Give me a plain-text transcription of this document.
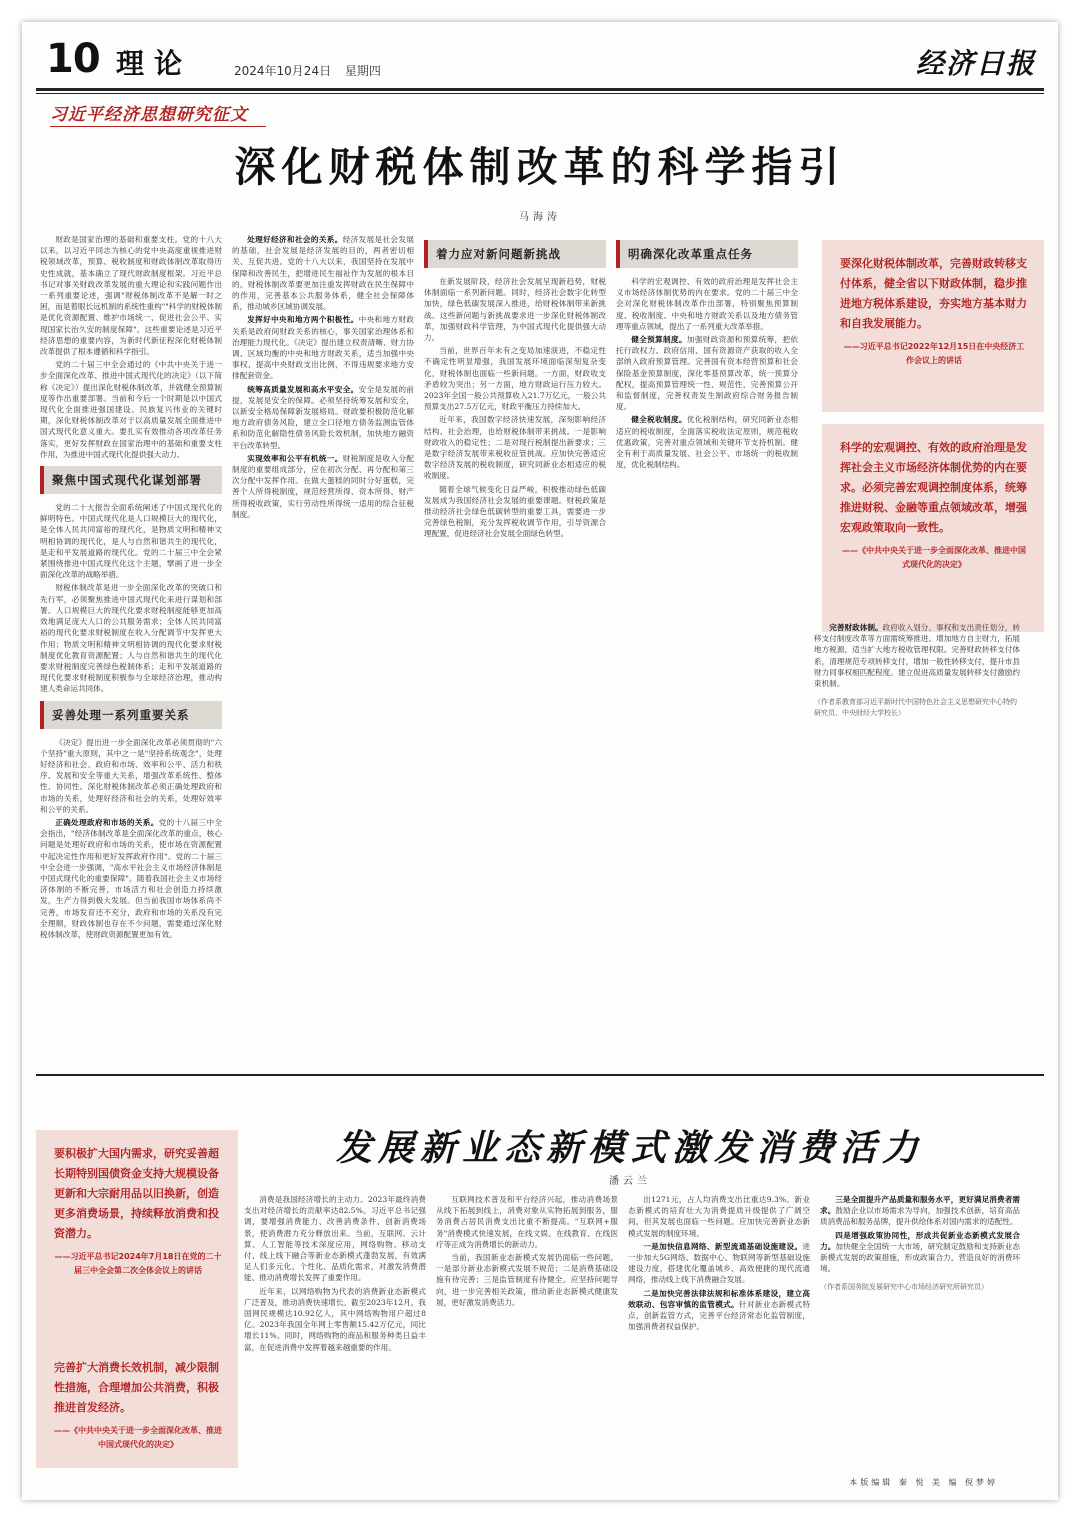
10 理论	2024年10月24日 星期四	经济日报
习近平经济思想研究征文
深化财税体制改革的科学指引
马海涛

财政是国家治理的基础和重要支柱。党的十八大以来，以习近平同志为核心的党中央高度重视推进财税领域改革，预算、税收制度和财政体制改革取得历史性成就，基本确立了现代财政制度框架。习近平总书记对事关财政改革发展的重大理论和实践问题作出一系列重要论述，强调"财税体制改革不是解一时之困，而是着眼长远机制的系统性重构""科学的财税体制是优化资源配置、维护市场统一、促进社会公平、实现国家长治久安的制度保障"。这些重要论述是习近平经济思想的重要内容，为新时代新征程深化财税体制改革提供了根本遵循和科学指引。

党的二十届三中全会通过的《中共中央关于进一步全面深化改革、推进中国式现代化的决定》（以下简称《决定》）提出深化财税体制改革，并就健全预算制度等作出重要部署。当前和今后一个时期是以中国式现代化全面推进强国建设、民族复兴伟业的关键时期，深化财税体制改革对于以高质量发展全面推进中国式现代化意义重大。要扎实有效推动各项改革任务落实，更好发挥财政在国家治理中的基础和重要支柱作用，为推进中国式现代化提供强大动力。

聚焦中国式现代化谋划部署

党的二十大报告全面系统阐述了中国式现代化的鲜明特色。中国式现代化是人口规模巨大的现代化，是全体人民共同富裕的现代化，是物质文明和精神文明相协调的现代化，是人与自然和谐共生的现代化，是走和平发展道路的现代化。党的二十届三中全会紧紧围绕推进中国式现代化这个主题，擘画了进一步全面深化改革的战略举措。

财税体制改革是进一步全面深化改革的突破口和先行军，必须聚焦推进中国式现代化来进行谋划和部署。人口规模巨大的现代化要求财税制度能够更加高效地满足庞大人口的公共服务需求；全体人民共同富裕的现代化要求财税制度在收入分配调节中发挥更大作用；物质文明和精神文明相协调的现代化要求财税制度优化教育资源配置；人与自然和谐共生的现代化要求财税制度完善绿色税制体系；走和平发展道路的现代化要求财税制度积极参与全球经济治理，推动构建人类命运共同体。

妥善处理一系列重要关系

《决定》提出进一步全面深化改革必须贯彻的"六个坚持"重大原则，其中之一是"坚持系统观念"，处理好经济和社会、政府和市场、效率和公平、活力和秩序、发展和安全等重大关系，增强改革系统性、整体性、协同性。深化财税体制改革必须正确处理政府和市场的关系，处理好经济和社会的关系，处理好效率和公平的关系。

正确处理政府和市场的关系。党的十八届三中全会指出，"经济体制改革是全面深化改革的重点，核心问题是处理好政府和市场的关系，使市场在资源配置中起决定性作用和更好发挥政府作用"。党的二十届三中全会进一步强调，"高水平社会主义市场经济体制是中国式现代化的重要保障"。随着我国社会主义市场经济体制的不断完善，市场活力和社会创造力持续激发，生产力得到极大发展。但当前我国市场体系尚不完善，市场发育还不充分，政府和市场的关系没有完全理顺，财政体制也存在不少问题，需要通过深化财税体制改革，使财政资源配置更加有效。

处理好经济和社会的关系。经济发展是社会发展的基础，社会发展是经济发展的目的，两者密切相关、互促共进。党的十八大以来，我国坚持在发展中保障和改善民生，把增进民生福祉作为发展的根本目的。财税体制改革要更加注重发挥财政在民生保障中的作用，完善基本公共服务体系，健全社会保障体系，推动城乡区域协调发展。

发挥好中央和地方两个积极性。中央和地方财政关系是政府间财政关系的核心，事关国家治理体系和治理能力现代化。《决定》提出建立权责清晰、财力协调、区域均衡的中央和地方财政关系，适当加强中央事权、提高中央财政支出比例，不得违规要求地方安排配套资金。

统筹高质量发展和高水平安全。安全是发展的前提，发展是安全的保障。必须坚持统筹发展和安全，以新安全格局保障新发展格局。财政要积极防范化解地方政府债务风险，建立全口径地方债务监测监管体系和防范化解隐性债务风险长效机制，加快地方融资平台改革转型。

实现效率和公平有机统一。财税制度是收入分配制度的重要组成部分，应在初次分配、再分配和第三次分配中发挥作用。在做大蛋糕的同时分好蛋糕，完善个人所得税制度，规范经营所得、资本所得、财产所得税收政策，实行劳动性所得统一适用的综合征税制度。

着力应对新问题新挑战

在新发展阶段，经济社会发展呈现新趋势，财税体制面临一系列新问题。同时，经济社会数字化转型加快，绿色低碳发展深入推进，给财税体制带来新挑战。这些新问题与新挑战要求进一步深化财税体制改革，加强财政科学管理，为中国式现代化提供强大动力。

当前，世界百年未有之变局加速演进，不稳定性不确定性明显增强，我国发展环境面临深刻复杂变化，财税体制也面临一些新问题。一方面，财政收支矛盾较为突出；另一方面，地方财政运行压力较大。2023年全国一般公共预算收入21.7万亿元，一般公共预算支出27.5万亿元，财政平衡压力持续加大。

近年来，我国数字经济快速发展，深刻影响经济结构、社会治理，也给财税体制带来挑战。一是影响财政收入的稳定性；二是对现行税制提出新要求；三是数字经济发展带来税收征管挑战。应加快完善适应数字经济发展的税收制度，研究同新业态相适应的税收制度。

随着全球气候变化日益严峻，积极推动绿色低碳发展成为我国经济社会发展的重要课题。财税政策是推动经济社会绿色低碳转型的重要工具，需要进一步完善绿色税制，充分发挥税收调节作用，引导资源合理配置，促进经济社会发展全面绿色转型。

明确深化改革重点任务

科学的宏观调控、有效的政府治理是发挥社会主义市场经济体制优势的内在要求。党的二十届三中全会对深化财税体制改革作出部署，特别聚焦预算制度、税收制度、中央和地方财政关系以及地方债务管理等重点领域，提出了一系列重大改革举措。

健全预算制度。加强财政资源和预算统筹，把依托行政权力、政府信用、国有资源资产获取的收入全部纳入政府预算管理。完善国有资本经营预算和社会保险基金预算制度，深化零基预算改革，统一预算分配权，提高预算管理统一性、规范性，完善预算公开和监督制度，完善权责发生制政府综合财务报告制度。

健全税收制度。优化税制结构，研究同新业态相适应的税收制度，全面落实税收法定原则，规范税收优惠政策，完善对重点领域和关键环节支持机制。健全有利于高质量发展、社会公平、市场统一的税收制度，优化税制结构。

要深化财税体制改革，完善财政转移支付体系，健全省以下财政体制，稳步推进地方税体系建设，夯实地方基本财力和自我发展能力。
——习近平总书记2022年12月15日在中央经济工作会议上的讲话
科学的宏观调控、有效的政府治理是发挥社会主义市场经济体制优势的内在要求。必须完善宏观调控制度体系，统筹推进财税、金融等重点领域改革，增强宏观政策取向一致性。
——《中共中央关于进一步全面深化改革、推进中国式现代化的决定》

完善财政体制。政府收入划分、事权和支出责任划分，转移支付制度改革等方面需统筹推进。增加地方自主财力，拓展地方税源，适当扩大地方税收管理权限。完善财政转移支付体系，清理规范专项转移支付，增加一般性转移支付，提升市县财力同事权相匹配程度。建立促进高质量发展转移支付激励约束机制。

（作者系教育部习近平新时代中国特色社会主义思想研究中心特约研究员、中央财经大学校长）
发展新业态新模式激发消费活力
潘云兰
要积极扩大国内需求，研究妥善超长期特别国债资金支持大规模设备更新和大宗耐用品以旧换新，创造更多消费场景，持续释放消费和投资潜力。
——习近平总书记2024年7月18日在党的二十届三中全会第二次全体会议上的讲话
完善扩大消费长效机制，减少限制性措施，合理增加公共消费，积极推进首发经济。
——《中共中央关于进一步全面深化改革、推进中国式现代化的决定》

消费是我国经济增长的主动力。2023年最终消费支出对经济增长的贡献率达82.5%。习近平总书记强调，要增强消费能力、改善消费条件、创新消费场景，使消费潜力充分释放出来。当前，互联网、云计算、人工智能等技术深度应用，网络购物、移动支付、线上线下融合等新业态新模式蓬勃发展，有效满足人们多元化、个性化、品质化需求，对激发消费潜能、推动消费增长发挥了重要作用。

近年来，以网络购物为代表的消费新业态新模式广泛普及，推动消费快速增长。截至2023年12月，我国网民规模达10.92亿人，其中网络购物用户超过8亿。2023年我国全年网上零售额15.42万亿元，同比增长11%。同时，网络购物的商品和服务种类日益丰富，在促进消费中发挥着越来越重要的作用。

互联网技术普及和平台经济兴起，推动消费场景从线下拓展到线上，消费对象从实物拓展到服务，服务消费占居民消费支出比重不断提高。"互联网+服务"消费模式快速发展，在线文娱、在线教育、在线医疗等正成为消费增长的新动力。

当前，我国新业态新模式发展仍面临一些问题。一是部分新业态新模式发展不规范；二是消费基础设施有待完善；三是监管制度有待健全。应坚持问题导向，进一步完善相关政策，推动新业态新模式健康发展，更好激发消费活力。

出1271元，占人均消费支出比重达9.3%。新业态新模式的培育壮大为消费提质升级提供了广阔空间，但其发展也面临一些问题。应加快完善新业态新模式发展的制度环境。

一是加快信息网络、新型流通基础设施建设。进一步加大5G网络、数据中心、物联网等新型基础设施建设力度，搭建优化覆盖城乡、高效便捷的现代流通网络，推动线上线下消费融合发展。

二是加快完善法律法规和标准体系建设，建立高效联动、包容审慎的监管模式。针对新业态新模式特点，创新监管方式，完善平台经济常态化监管制度，加强消费者权益保护。

三是全面提升产品质量和服务水平，更好满足消费者需求。鼓励企业以市场需求为导向，加强技术创新，培育高品质消费品和服务品牌，提升供给体系对国内需求的适配性。

四是增强政策协同性，形成共促新业态新模式发展合力。加快健全全国统一大市场，研究制定鼓励和支持新业态新模式发展的政策措施，形成政策合力，营造良好的消费环境。

（作者系国务院发展研究中心市场经济研究所研究员）
本版编辑 秦 悦 美 编 倪梦婷
